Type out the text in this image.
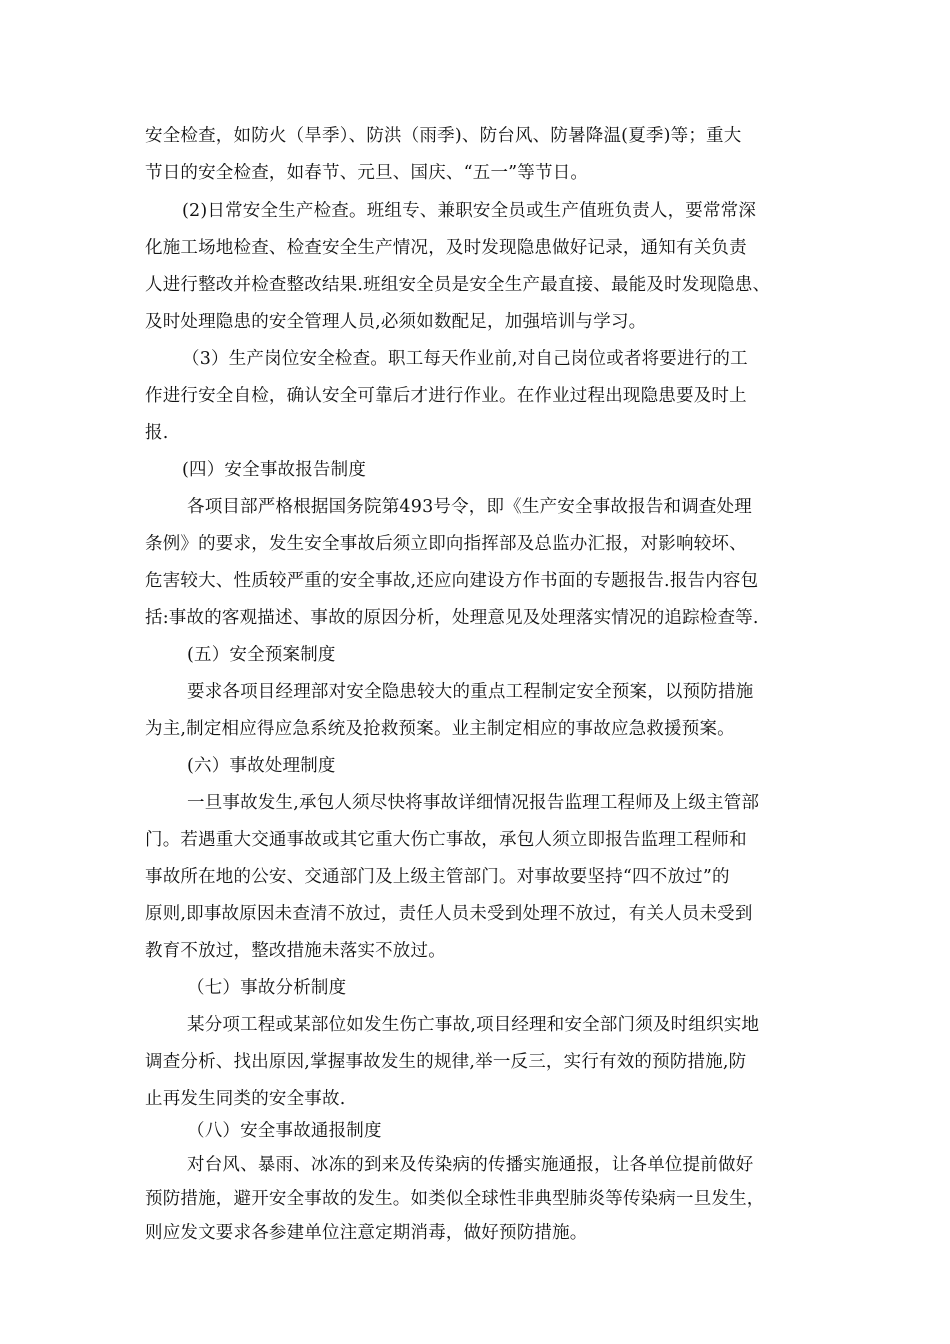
安全检查，如防火（旱季）、防洪（雨季)、防台风、防暑降温(夏季)等；重大
节日的安全检查，如春节、元旦、国庆、“五一”等节日。
(2)日常安全生产检查。班组专、兼职安全员或生产值班负责人，要常常深
化施工场地检查、检查安全生产情况，及时发现隐患做好记录，通知有关负责
人进行整改并检查整改结果.班组安全员是安全生产最直接、最能及时发现隐患、
及时处理隐患的安全管理人员,必须如数配足，加强培训与学习。
（3）生产岗位安全检查。职工每天作业前,对自己岗位或者将要进行的工
作进行安全自检，确认安全可靠后才进行作业。在作业过程出现隐患要及时上
报.
(四）安全事故报告制度
各项目部严格根据国务院第493号令，即《生产安全事故报告和调查处理
条例》的要求，发生安全事故后须立即向指挥部及总监办汇报，对影响较坏、
危害较大、性质较严重的安全事故,还应向建设方作书面的专题报告.报告内容包
括:事故的客观描述、事故的原因分析，处理意见及处理落实情况的追踪检查等.
(五）安全预案制度
要求各项目经理部对安全隐患较大的重点工程制定安全预案，以预防措施
为主,制定相应得应急系统及抢救预案。业主制定相应的事故应急救援预案。
(六）事故处理制度
一旦事故发生,承包人须尽快将事故详细情况报告监理工程师及上级主管部
门。若遇重大交通事故或其它重大伤亡事故，承包人须立即报告监理工程师和
事故所在地的公安、交通部门及上级主管部门。对事故要坚持“四不放过”的
原则,即事故原因未查清不放过，责任人员未受到处理不放过，有关人员未受到
教育不放过，整改措施未落实不放过。
（七）事故分析制度
某分项工程或某部位如发生伤亡事故,项目经理和安全部门须及时组织实地
调查分析、找出原因,掌握事故发生的规律,举一反三，实行有效的预防措施,防
止再发生同类的安全事故.
（八）安全事故通报制度
对台风、暴雨、冰冻的到来及传染病的传播实施通报，让各单位提前做好
预防措施，避开安全事故的发生。如类似全球性非典型肺炎等传染病一旦发生，
则应发文要求各参建单位注意定期消毒，做好预防措施。
